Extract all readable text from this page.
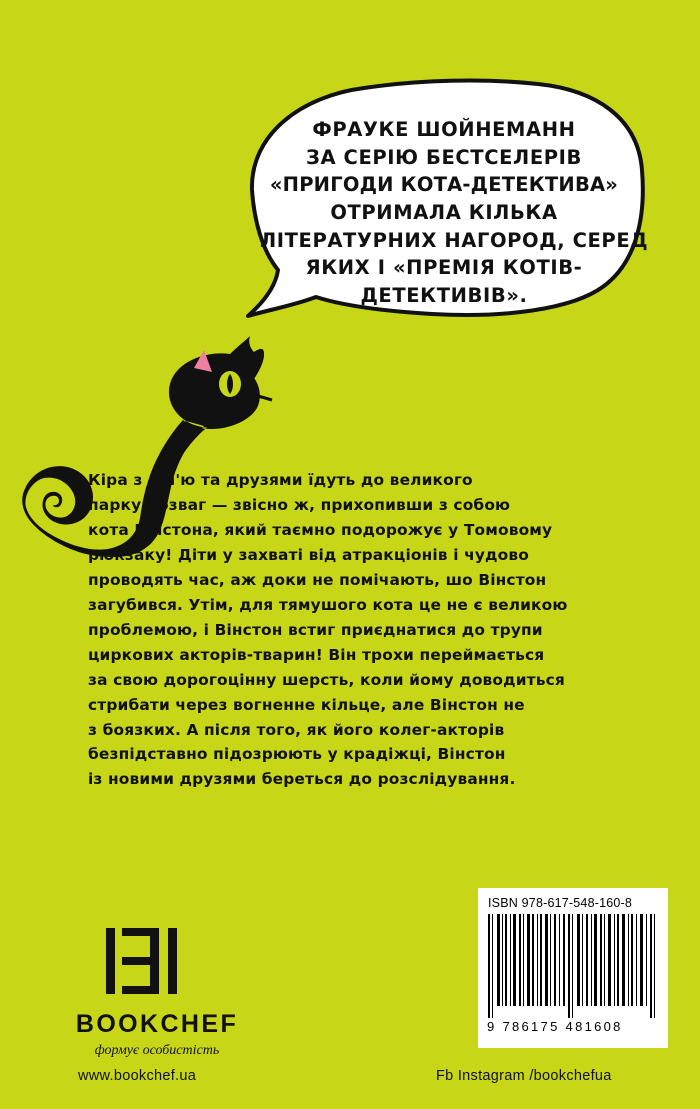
ФРАУКЕ ШОЙНЕМАНН
ЗА СЕРІЮ БЕСТСЕЛЕРІВ
«ПРИГОДИ КОТА-ДЕТЕКТИВА»
ОТРИМАЛА КІЛЬКА
ЛІТЕРАТУРНИХ НАГОРОД, СЕРЕД
ЯКИХ І «ПРЕМІЯ КОТІВ-
ДЕТЕКТИВІВ».
Кіра з сім'ю та друзями їдуть до великого
парку розваг — звісно ж, прихопивши з собою
кота Вінстона, який таємно подорожує у Томовому
рюкзаку! Діти у захваті від атракціонів і чудово
проводять час, аж доки не помічають, шо Вінстон
загубився. Утім, для тямушого кота це не є великою
проблемою, і Вінстон встиг приєднатися до трупи
циркових акторів-тварин! Він трохи переймається
за свою дорогоцінну шерсть, коли йому доводиться
стрибати через вогненне кільце, але Вінстон не
з боязких. А після того, як його колег-акторів
безпідставно підозрюють у крадіжці, Вінстон
із новими друзями береться до розслідування.
BOOKCHEF
формує особистість
www.bookchef.ua	Fb Instagram /bookchefua
ISBN 978-617-548-160-8
9 786175 481608
